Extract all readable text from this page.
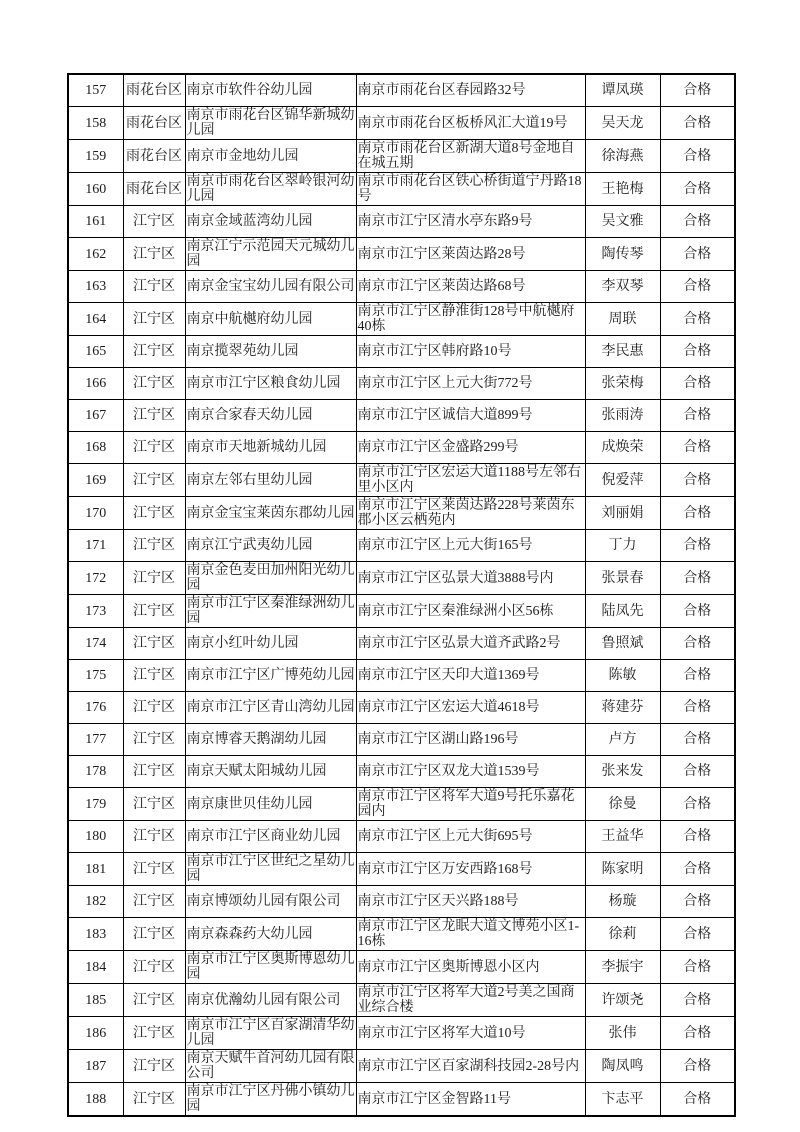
157	雨花台区	南京市软件谷幼儿园	南京市雨花台区春园路32号	谭凤瑛	合格
158	雨花台区	南京市雨花台区锦华新城幼儿园	南京市雨花台区板桥风汇大道19号	吴天龙	合格
159	雨花台区	南京市金地幼儿园	南京市雨花台区新湖大道8号金地自在城五期	徐海燕	合格
160	雨花台区	南京市雨花台区翠岭银河幼儿园	南京市雨花台区铁心桥街道宁丹路18号	王艳梅	合格
161	江宁区	南京金域蓝湾幼儿园	南京市江宁区清水亭东路9号	吴文雅	合格
162	江宁区	南京江宁示范园天元城幼儿园	南京市江宁区莱茵达路28号	陶传琴	合格
163	江宁区	南京金宝宝幼儿园有限公司	南京市江宁区莱茵达路68号	李双琴	合格
164	江宁区	南京中航樾府幼儿园	南京市江宁区静淮街128号中航樾府40栋	周联	合格
165	江宁区	南京揽翠苑幼儿园	南京市江宁区韩府路10号	李民惠	合格
166	江宁区	南京市江宁区粮食幼儿园	南京市江宁区上元大街772号	张荣梅	合格
167	江宁区	南京合家春天幼儿园	南京市江宁区诚信大道899号	张雨涛	合格
168	江宁区	南京市天地新城幼儿园	南京市江宁区金盛路299号	成焕荣	合格
169	江宁区	南京左邻右里幼儿园	南京市江宁区宏运大道1188号左邻右里小区内	倪爱萍	合格
170	江宁区	南京金宝宝莱茵东郡幼儿园	南京市江宁区莱茵达路228号莱茵东郡小区云栖苑内	刘丽娟	合格
171	江宁区	南京江宁武夷幼儿园	南京市江宁区上元大街165号	丁力	合格
172	江宁区	南京金色麦田加州阳光幼儿园	南京市江宁区弘景大道3888号内	张景春	合格
173	江宁区	南京市江宁区秦淮绿洲幼儿园	南京市江宁区秦淮绿洲小区56栋	陆凤先	合格
174	江宁区	南京小红叶幼儿园	南京市江宁区弘景大道齐武路2号	鲁照斌	合格
175	江宁区	南京市江宁区广博苑幼儿园	南京市江宁区天印大道1369号	陈敏	合格
176	江宁区	南京市江宁区青山湾幼儿园	南京市江宁区宏运大道4618号	蒋建芬	合格
177	江宁区	南京博睿天鹅湖幼儿园	南京市江宁区湖山路196号	卢方	合格
178	江宁区	南京天赋太阳城幼儿园	南京市江宁区双龙大道1539号	张来发	合格
179	江宁区	南京康世贝佳幼儿园	南京市江宁区将军大道9号托乐嘉花园内	徐曼	合格
180	江宁区	南京市江宁区商业幼儿园	南京市江宁区上元大街695号	王益华	合格
181	江宁区	南京市江宁区世纪之星幼儿园	南京市江宁区万安西路168号	陈家明	合格
182	江宁区	南京博颂幼儿园有限公司	南京市江宁区天兴路188号	杨璇	合格
183	江宁区	南京森森药大幼儿园	南京市江宁区龙眠大道文博苑小区1-16栋	徐莉	合格
184	江宁区	南京市江宁区奥斯博恩幼儿园	南京市江宁区奥斯博恩小区内	李振宇	合格
185	江宁区	南京优瀚幼儿园有限公司	南京市江宁区将军大道2号美之国商业综合楼	许颂尧	合格
186	江宁区	南京市江宁区百家湖清华幼儿园	南京市江宁区将军大道10号	张伟	合格
187	江宁区	南京天赋牛首河幼儿园有限公司	南京市江宁区百家湖科技园2-28号内	陶凤鸣	合格
188	江宁区	南京市江宁区丹佛小镇幼儿园	南京市江宁区金智路11号	卞志平	合格
